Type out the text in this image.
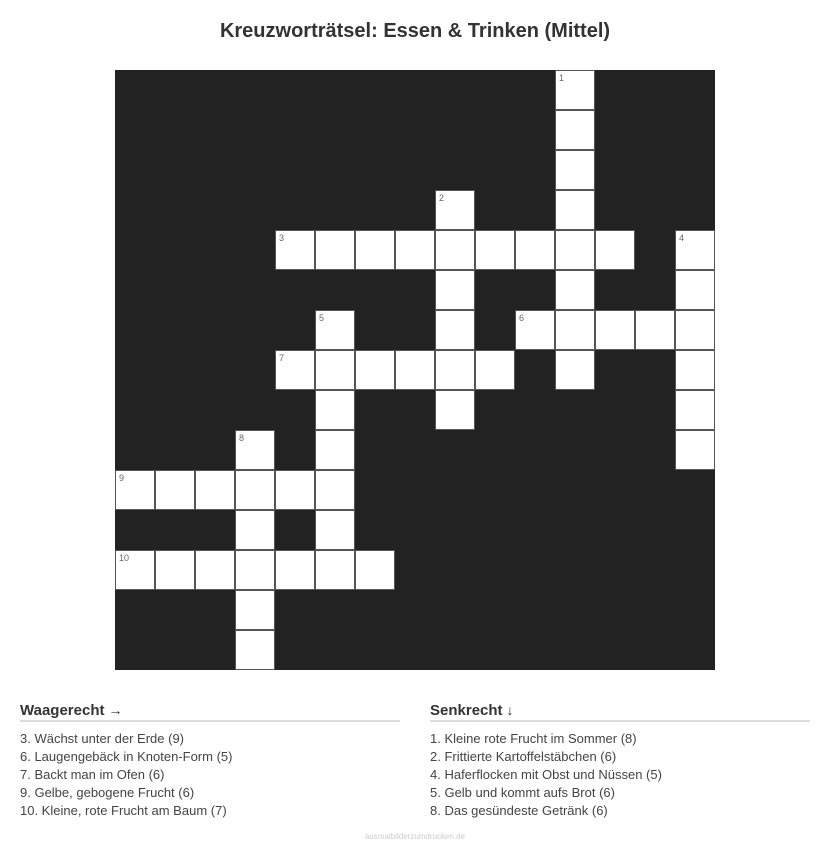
Kreuzworträtsel: Essen & Trinken (Mittel)
1
2
3	4
5	6
7
8
9
10
Waagerecht →
3. Wächst unter der Erde (9)
6. Laugengebäck in Knoten-Form (5)
7. Backt man im Ofen (6)
9. Gelbe, gebogene Frucht (6)
10. Kleine, rote Frucht am Baum (7)
Senkrecht ↓
1. Kleine rote Frucht im Sommer (8)
2. Frittierte Kartoffelstäbchen (6)
4. Haferflocken mit Obst und Nüssen (5)
5. Gelb und kommt aufs Brot (6)
8. Das gesündeste Getränk (6)
ausmalbilderzumdrucken.de
